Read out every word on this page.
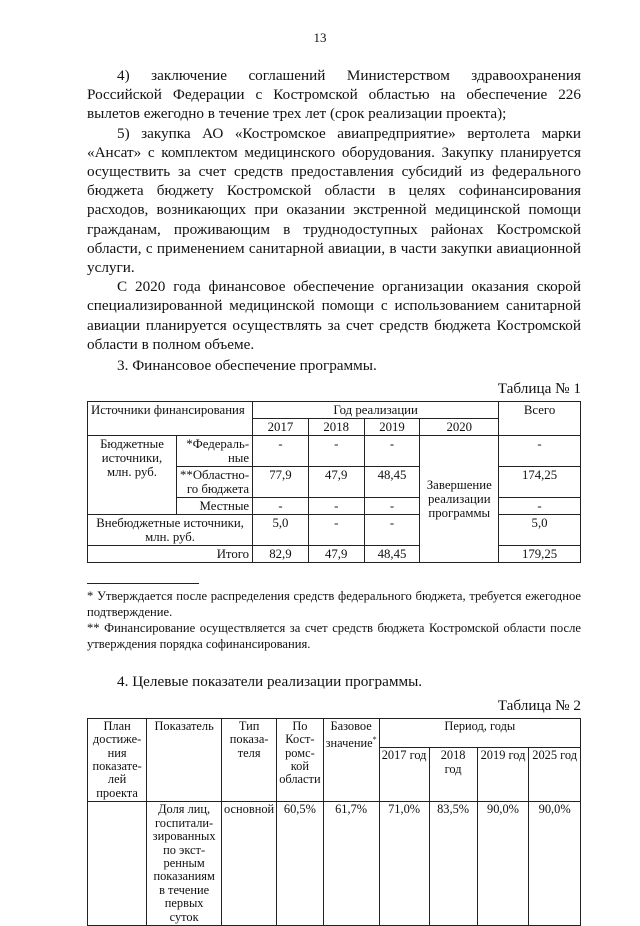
13

4) заключение соглашений Министерством здравоохранения Российской Федерации с Костромской областью на обеспечение 226 вылетов ежегодно в течение трех лет (срок реализации проекта);

5) закупка АО «Костромское авиапредприятие» вертолета марки «Ансат» с комплектом медицинского оборудования. Закупку планируется осуществить за счет средств предоставления субсидий из федерального бюджета бюджету Костромской области в целях софинансирования расходов, возникающих при оказании экстренной медицинской помощи гражданам, проживающим в труднодоступных районах Костромской области, с применением санитарной авиации, в части закупки авиационной услуги.

С 2020 года финансовое обеспечение организации оказания скорой специализированной медицинской помощи с использованием санитарной авиации планируется осуществлять за счет средств бюджета Костромской области в полном объеме.

3. Финансовое обеспечение программы.

Таблица № 1
Источники финансирования		Год реализации				Всего
		2017	2018	2019	2020	
Бюджетные источники, млн. руб.	*Федераль-ные	-	-	-	Завершение реализации программы	-
	**Областно-го бюджета	77,9	47,9	48,45		174,25
	Местные	-	-	-		-
Внебюджетные источники, млн. руб.		5,0	-	-		5,0
Итого		82,9	47,9	48,45		179,25

* Утверждается после распределения средств федерального бюджета, требуется ежегодное подтверждение.

** Финансирование осуществляется за счет средств бюджета Костромской области после утверждения порядка софинансирования.

4. Целевые показатели реализации программы.

Таблица № 2
План достиже-ния показате-лей проекта	Показатель	Тип показа-теля	По Кост-ромс-кой области	Базовое значение*	Период, годы			
					2017 год	2018 год	2019 год	2025 год
	Доля лиц, госпитали-зированных по экст-ренным показаниям в течение первых суток	основной	60,5%	61,7%	71,0%	83,5%	90,0%	90,0%
